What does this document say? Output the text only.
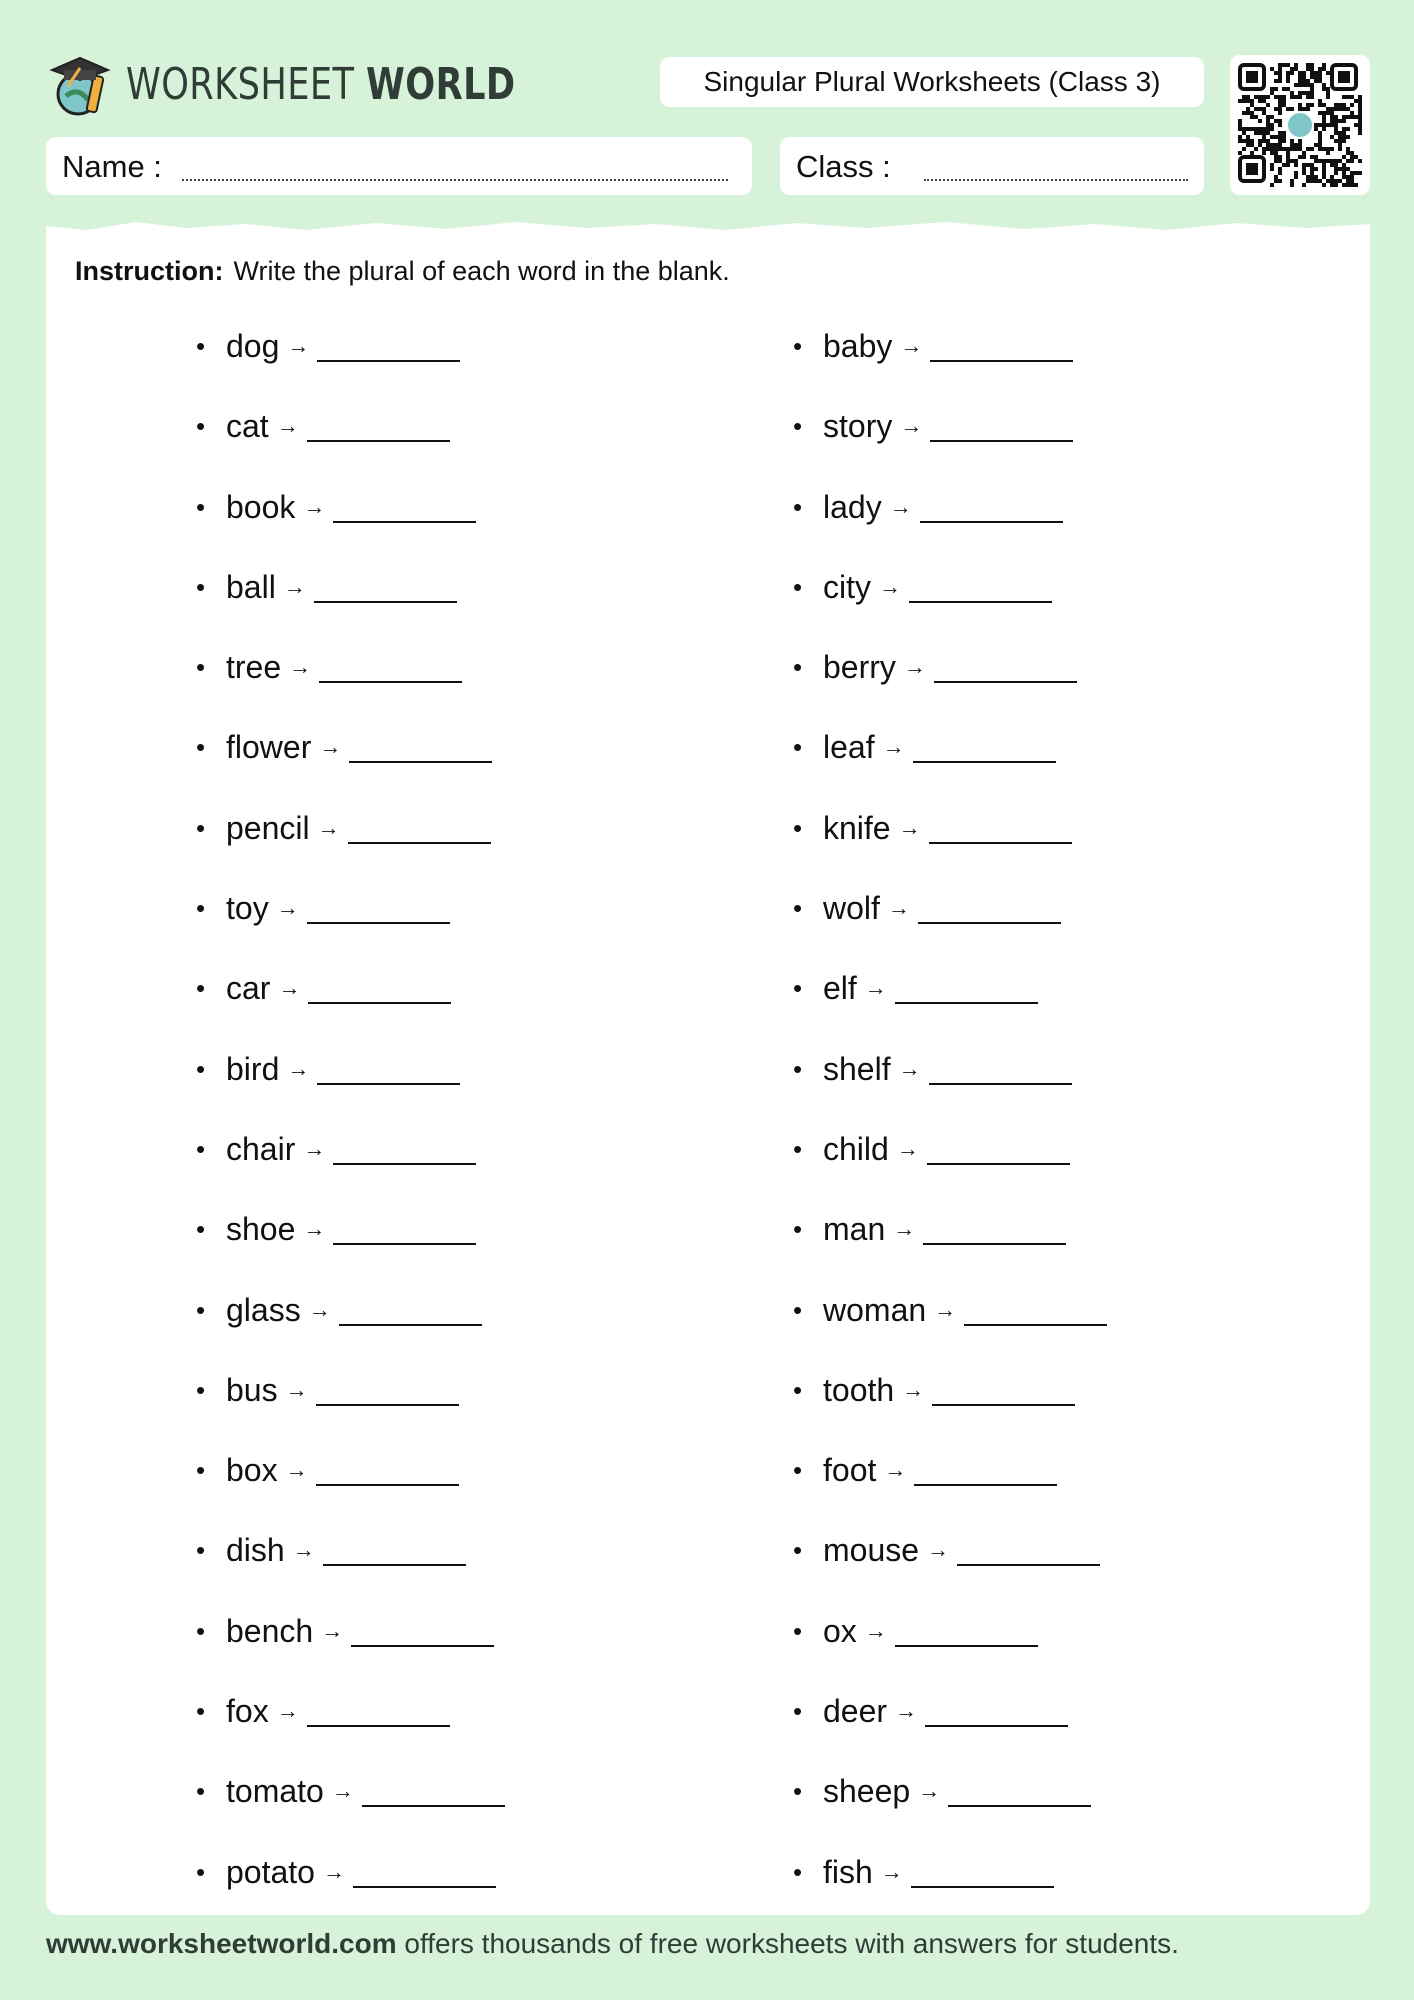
WORKSHEET WORLD	Singular Plural Worksheets (Class 3)
Name :	Class :
Instruction: Write the plural of each word in the blank.
• dog →
• cat →
• book →
• ball →
• tree →
• flower →
• pencil →
• toy →
• car →
• bird →
• chair →
• shoe →
• glass →
• bus →
• box →
• dish →
• bench →
• fox →
• tomato →
• potato →
• baby →
• story →
• lady →
• city →
• berry →
• leaf →
• knife →
• wolf →
• elf →
• shelf →
• child →
• man →
• woman →
• tooth →
• foot →
• mouse →
• ox →
• deer →
• sheep →
• fish →
www.worksheetworld.com offers thousands of free worksheets with answers for students.
